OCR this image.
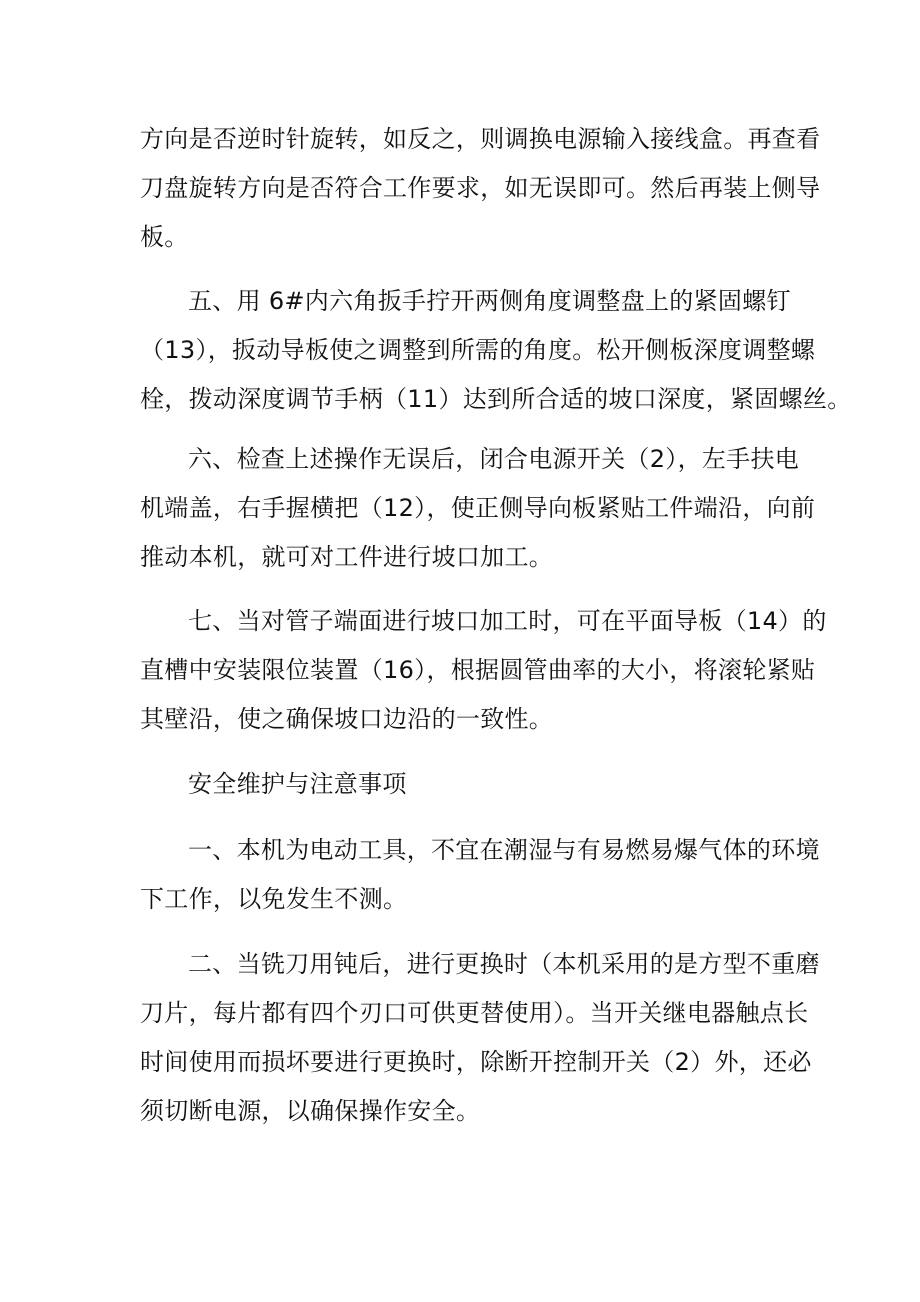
方向是否逆时针旋转，如反之，则调换电源输入接线盒。再查看
刀盘旋转方向是否符合工作要求，如无误即可。然后再装上侧导
板。
五、用 6#内六角扳手拧开两侧角度调整盘上的紧固螺钉
（13），扳动导板使之调整到所需的角度。松开侧板深度调整螺
栓，拨动深度调节手柄（11）达到所合适的坡口深度，紧固螺丝。
六、检查上述操作无误后，闭合电源开关（2），左手扶电
机端盖，右手握横把（12），使正侧导向板紧贴工件端沿，向前
推动本机，就可对工件进行坡口加工。
七、当对管子端面进行坡口加工时，可在平面导板（14）的
直槽中安装限位装置（16），根据圆管曲率的大小，将滚轮紧贴
其壁沿，使之确保坡口边沿的一致性。
安全维护与注意事项
一、本机为电动工具，不宜在潮湿与有易燃易爆气体的环境
下工作，以免发生不测。
二、当铣刀用钝后，进行更换时（本机采用的是方型不重磨
刀片，每片都有四个刃口可供更替使用）。当开关继电器触点长
时间使用而损坏要进行更换时，除断开控制开关（2）外，还必
须切断电源，以确保操作安全。
